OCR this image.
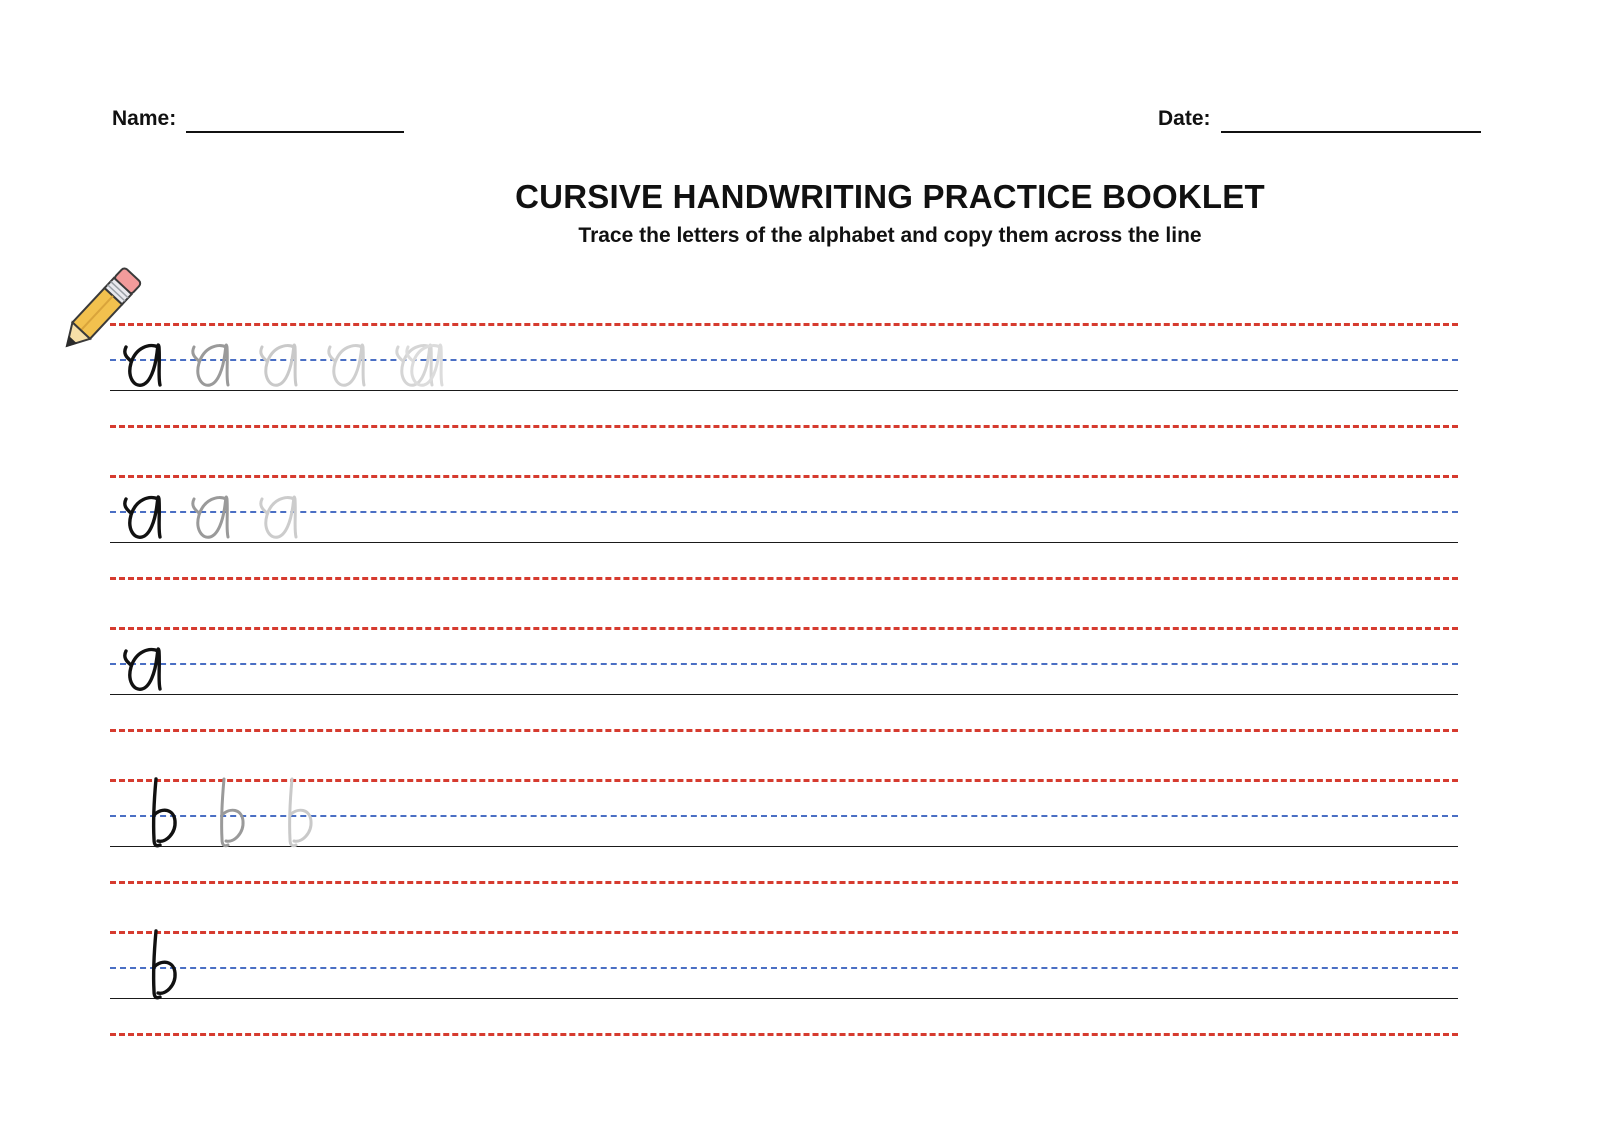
Name:	Date:
CURSIVE HANDWRITING PRACTICE BOOKLET

Trace the letters of the alphabet and copy them across the line
